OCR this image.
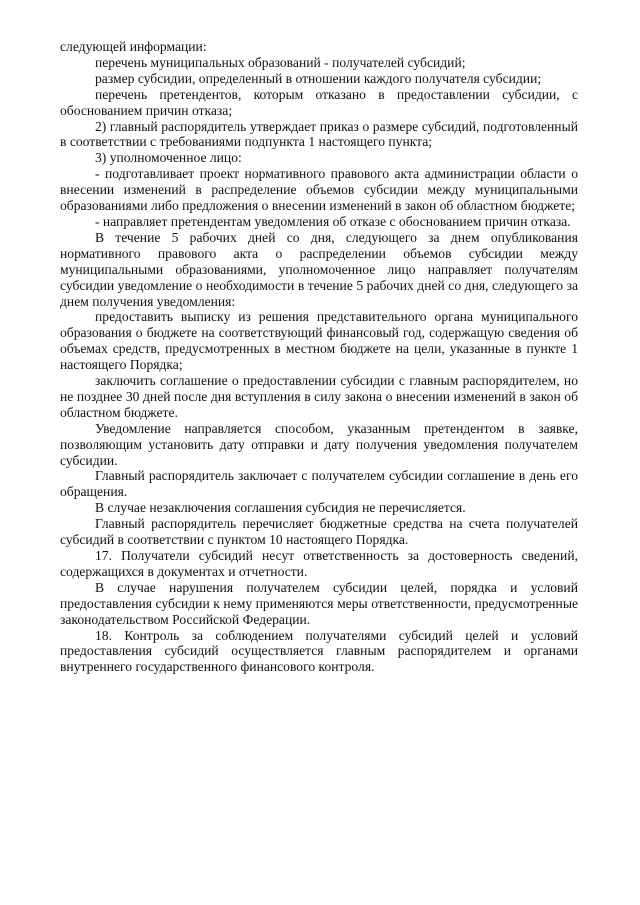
следующей информации:

перечень муниципальных образований - получателей субсидий;

размер субсидии, определенный в отношении каждого получателя субсидии;

перечень претендентов, которым отказано в предоставлении субсидии, с обоснованием причин отказа;

2) главный распорядитель утверждает приказ о размере субсидий, подготовленный в соответствии с требованиями подпункта 1 настоящего пункта;

3) уполномоченное лицо:

- подготавливает проект нормативного правового акта администрации области о внесении изменений в распределение объемов субсидии между муниципальными образованиями либо предложения о внесении изменений в закон об областном бюджете;

- направляет претендентам уведомления об отказе с обоснованием причин отказа.

В течение 5 рабочих дней со дня, следующего за днем опубликования нормативного правового акта о распределении объемов субсидии между муниципальными образованиями, уполномоченное лицо направляет получателям субсидии уведомление о необходимости в течение 5 рабочих дней со дня, следующего за днем получения уведомления:

предоставить выписку из решения представительного органа муниципального образования о бюджете на соответствующий финансовый год, содержащую сведения об объемах средств, предусмотренных в местном бюджете на цели, указанные в пункте 1 настоящего Порядка;

заключить соглашение о предоставлении субсидии с главным распорядителем, но не позднее 30 дней после дня вступления в силу закона о внесении изменений в закон об областном бюджете.

Уведомление направляется способом, указанным претендентом в заявке, позволяющим установить дату отправки и дату получения уведомления получателем субсидии.

Главный распорядитель заключает с получателем субсидии соглашение в день его обращения.

В случае незаключения соглашения субсидия не перечисляется.

Главный распорядитель перечисляет бюджетные средства на счета получателей субсидий в соответствии с пунктом 10 настоящего Порядка.

17. Получатели субсидий несут ответственность за достоверность сведений, содержащихся в документах и отчетности.

В случае нарушения получателем субсидии целей, порядка и условий предоставления субсидии к нему применяются меры ответственности, предусмотренные законодательством Российской Федерации.

18. Контроль за соблюдением получателями субсидий целей и условий предоставления субсидий осуществляется главным распорядителем и органами внутреннего государственного финансового контроля.
